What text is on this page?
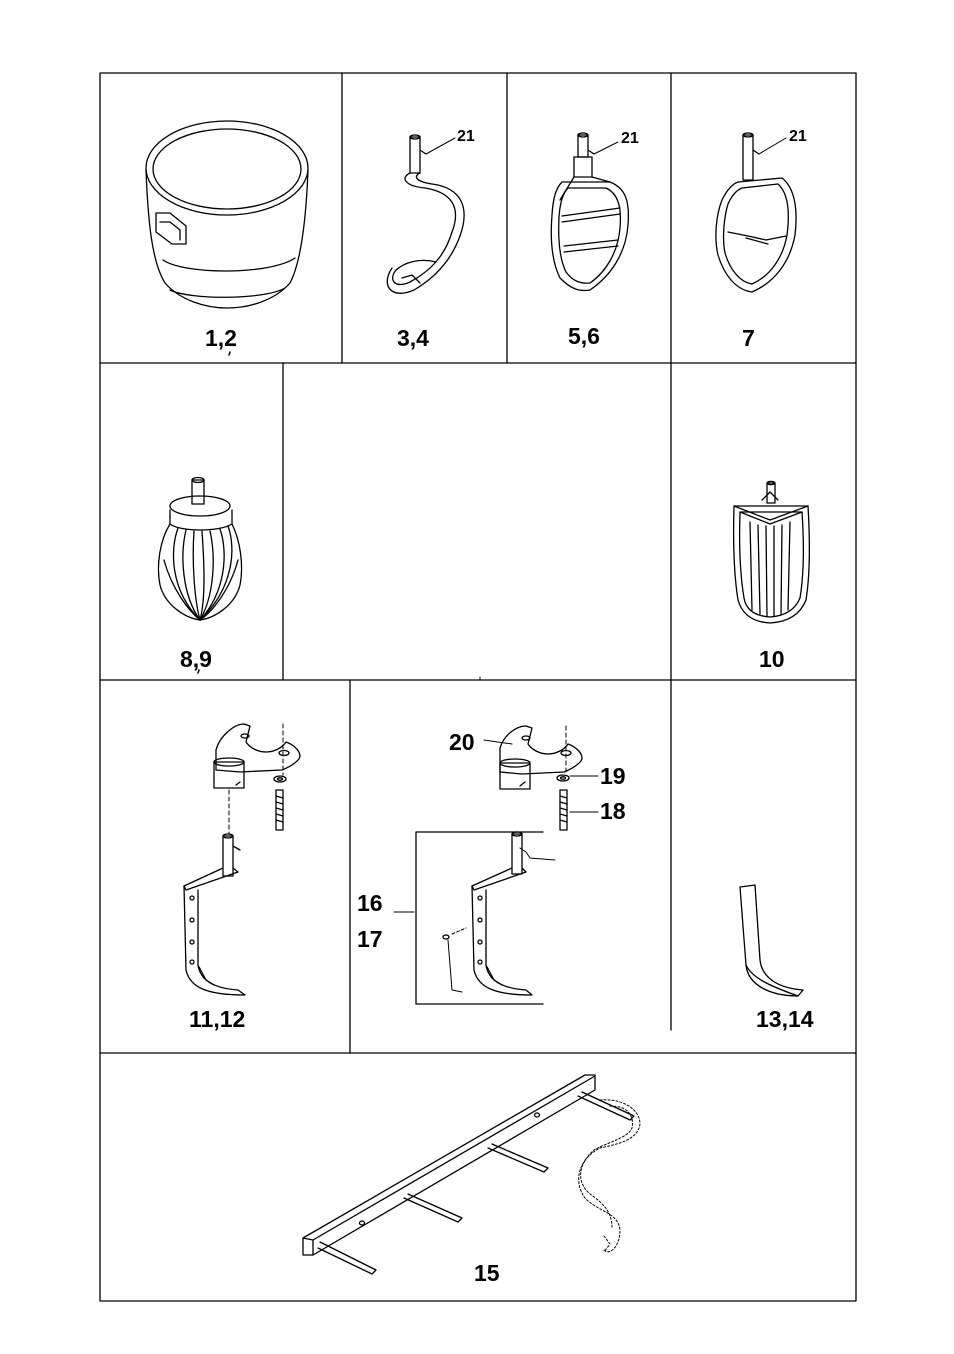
1,2	3,4	5,6	7
8,9	10
11,12
16
17
13,14
15
21	21	21
20
19
18
